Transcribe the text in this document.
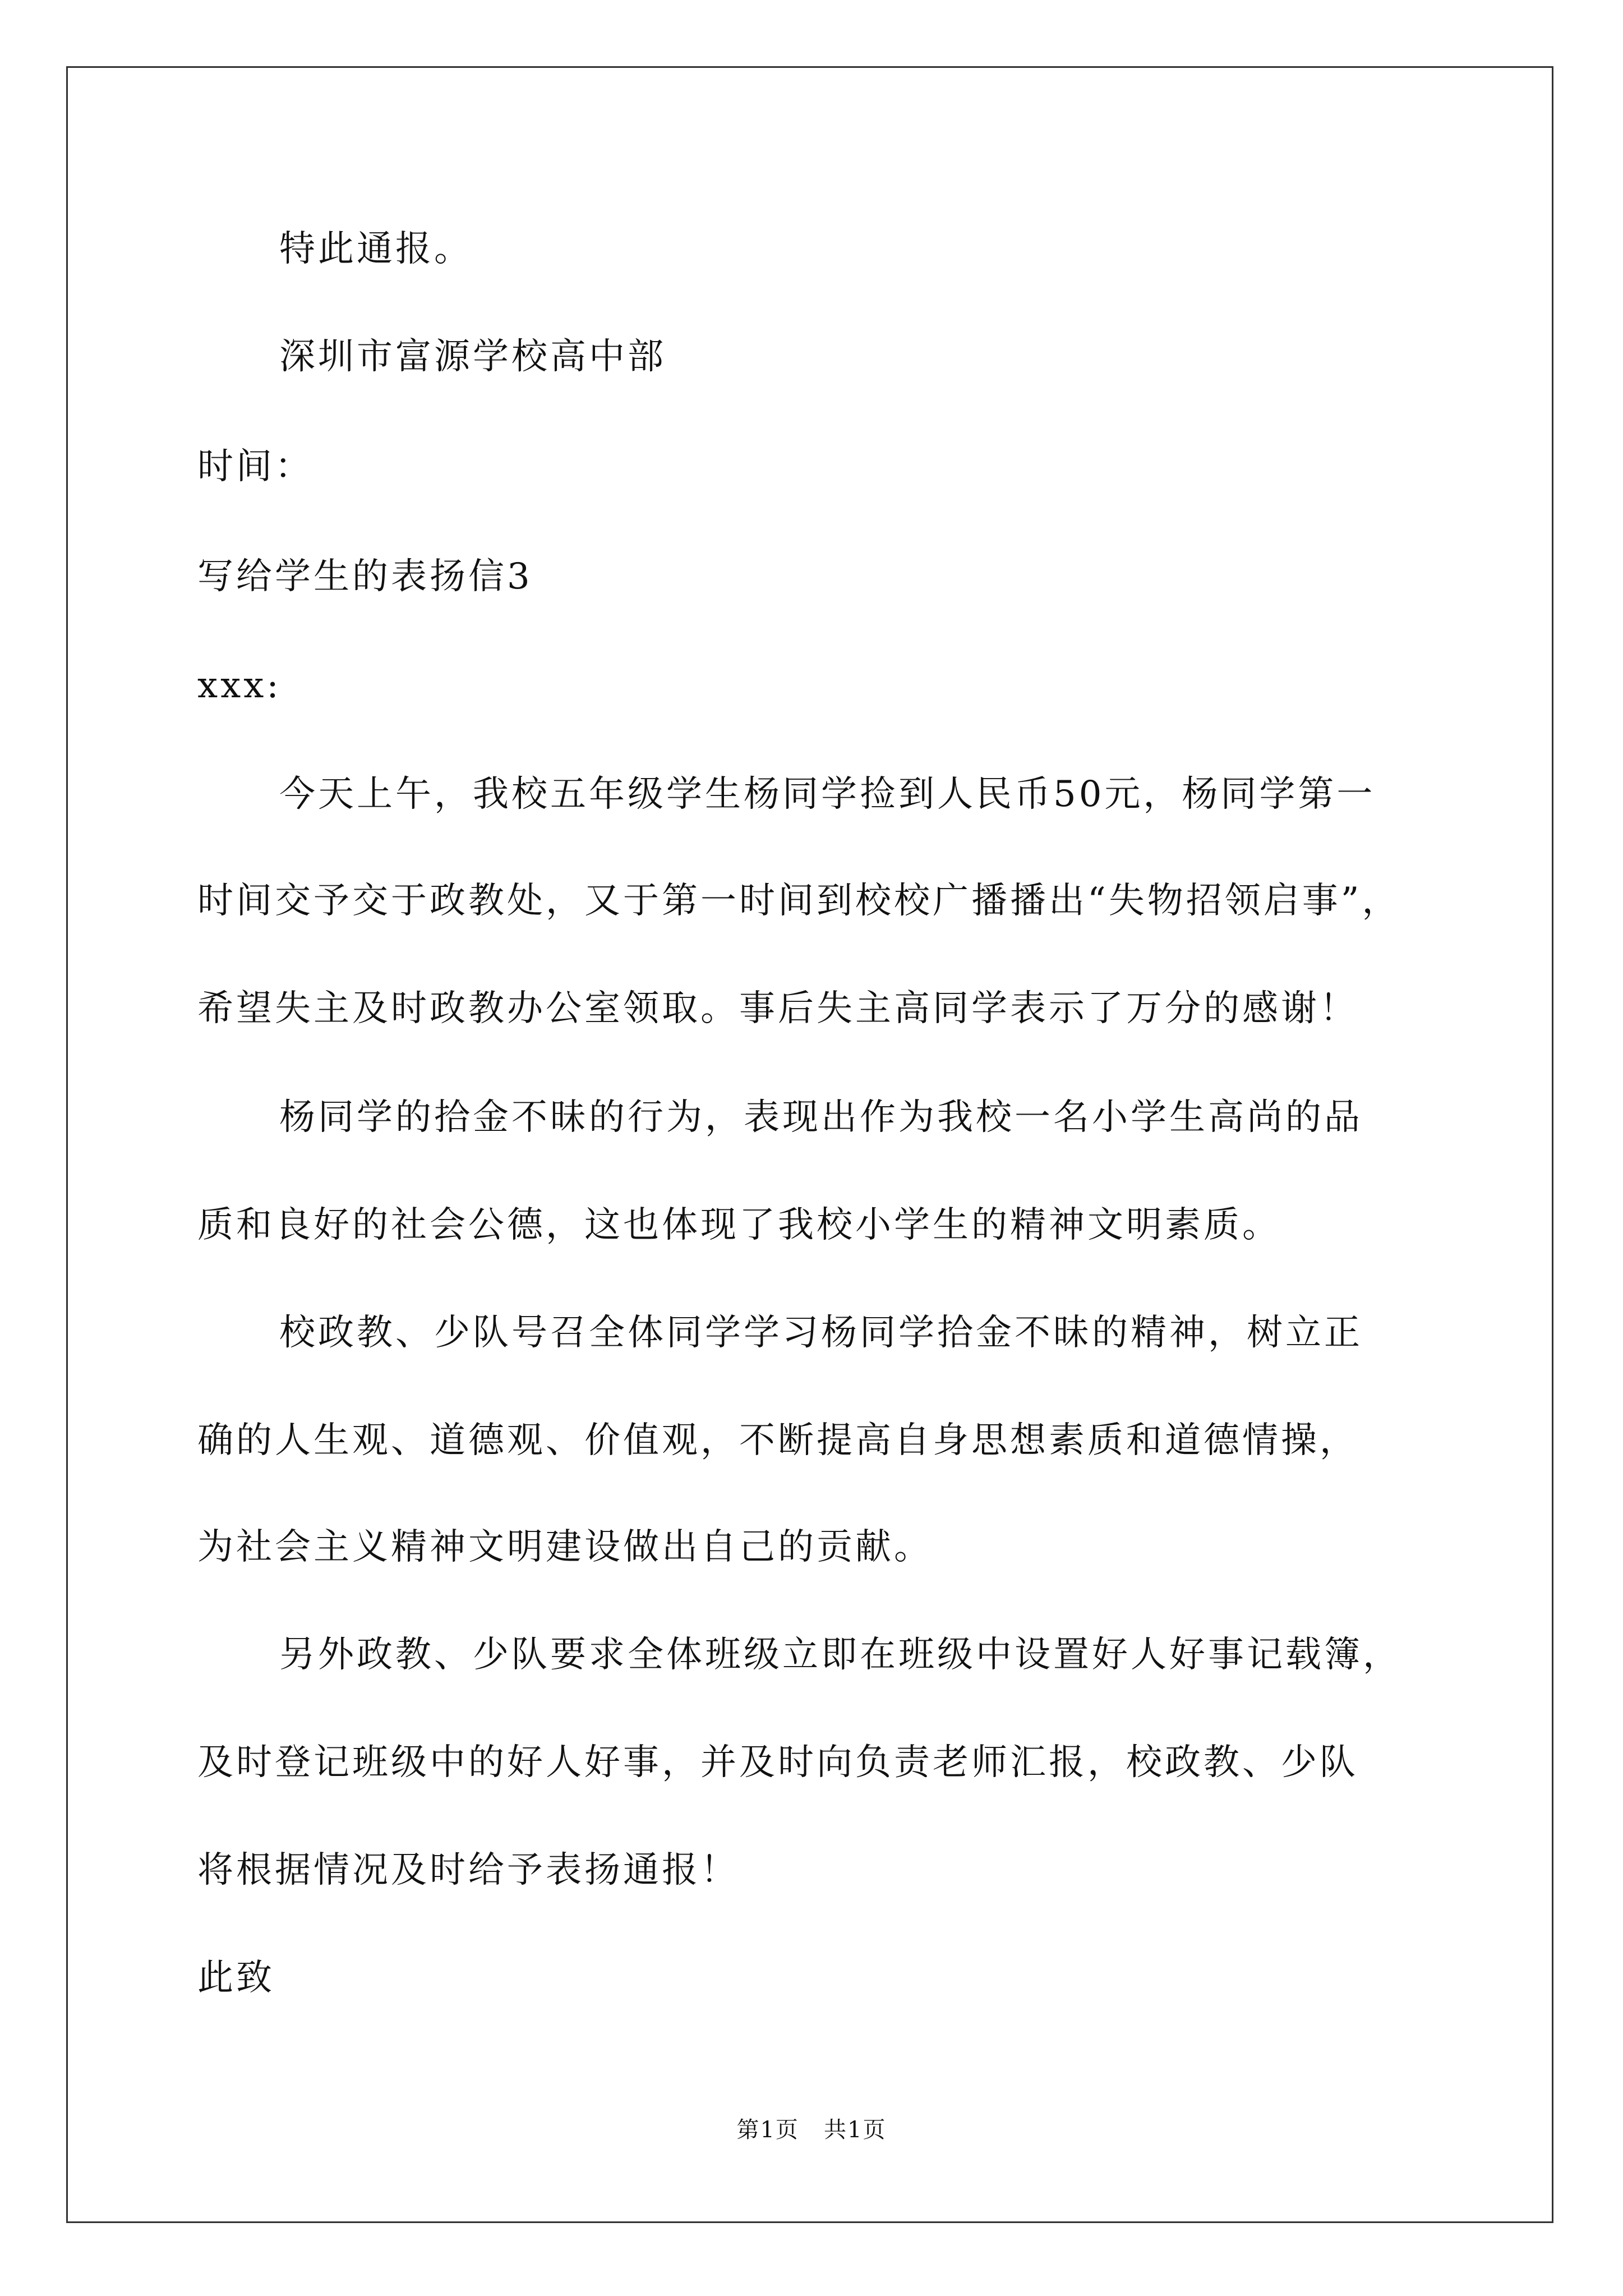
特此通报。
深圳市富源学校高中部
时间：
写给学生的表扬信3
xxx:
今天上午，我校五年级学生杨同学捡到人民币50元，杨同学第一
时间交予交于政教处，又于第一时间到校校广播播出“失物招领启事”，
希望失主及时政教办公室领取。事后失主高同学表示了万分的感谢！
杨同学的拾金不昧的行为，表现出作为我校一名小学生高尚的品
质和良好的社会公德，这也体现了我校小学生的精神文明素质。
校政教、少队号召全体同学学习杨同学拾金不昧的精神，树立正
确的人生观、道德观、价值观，不断提高自身思想素质和道德情操，
为社会主义精神文明建设做出自己的贡献。
另外政教、少队要求全体班级立即在班级中设置好人好事记载簿，
及时登记班级中的好人好事，并及时向负责老师汇报，校政教、少队
将根据情况及时给予表扬通报！
此致
第1页   共1页
